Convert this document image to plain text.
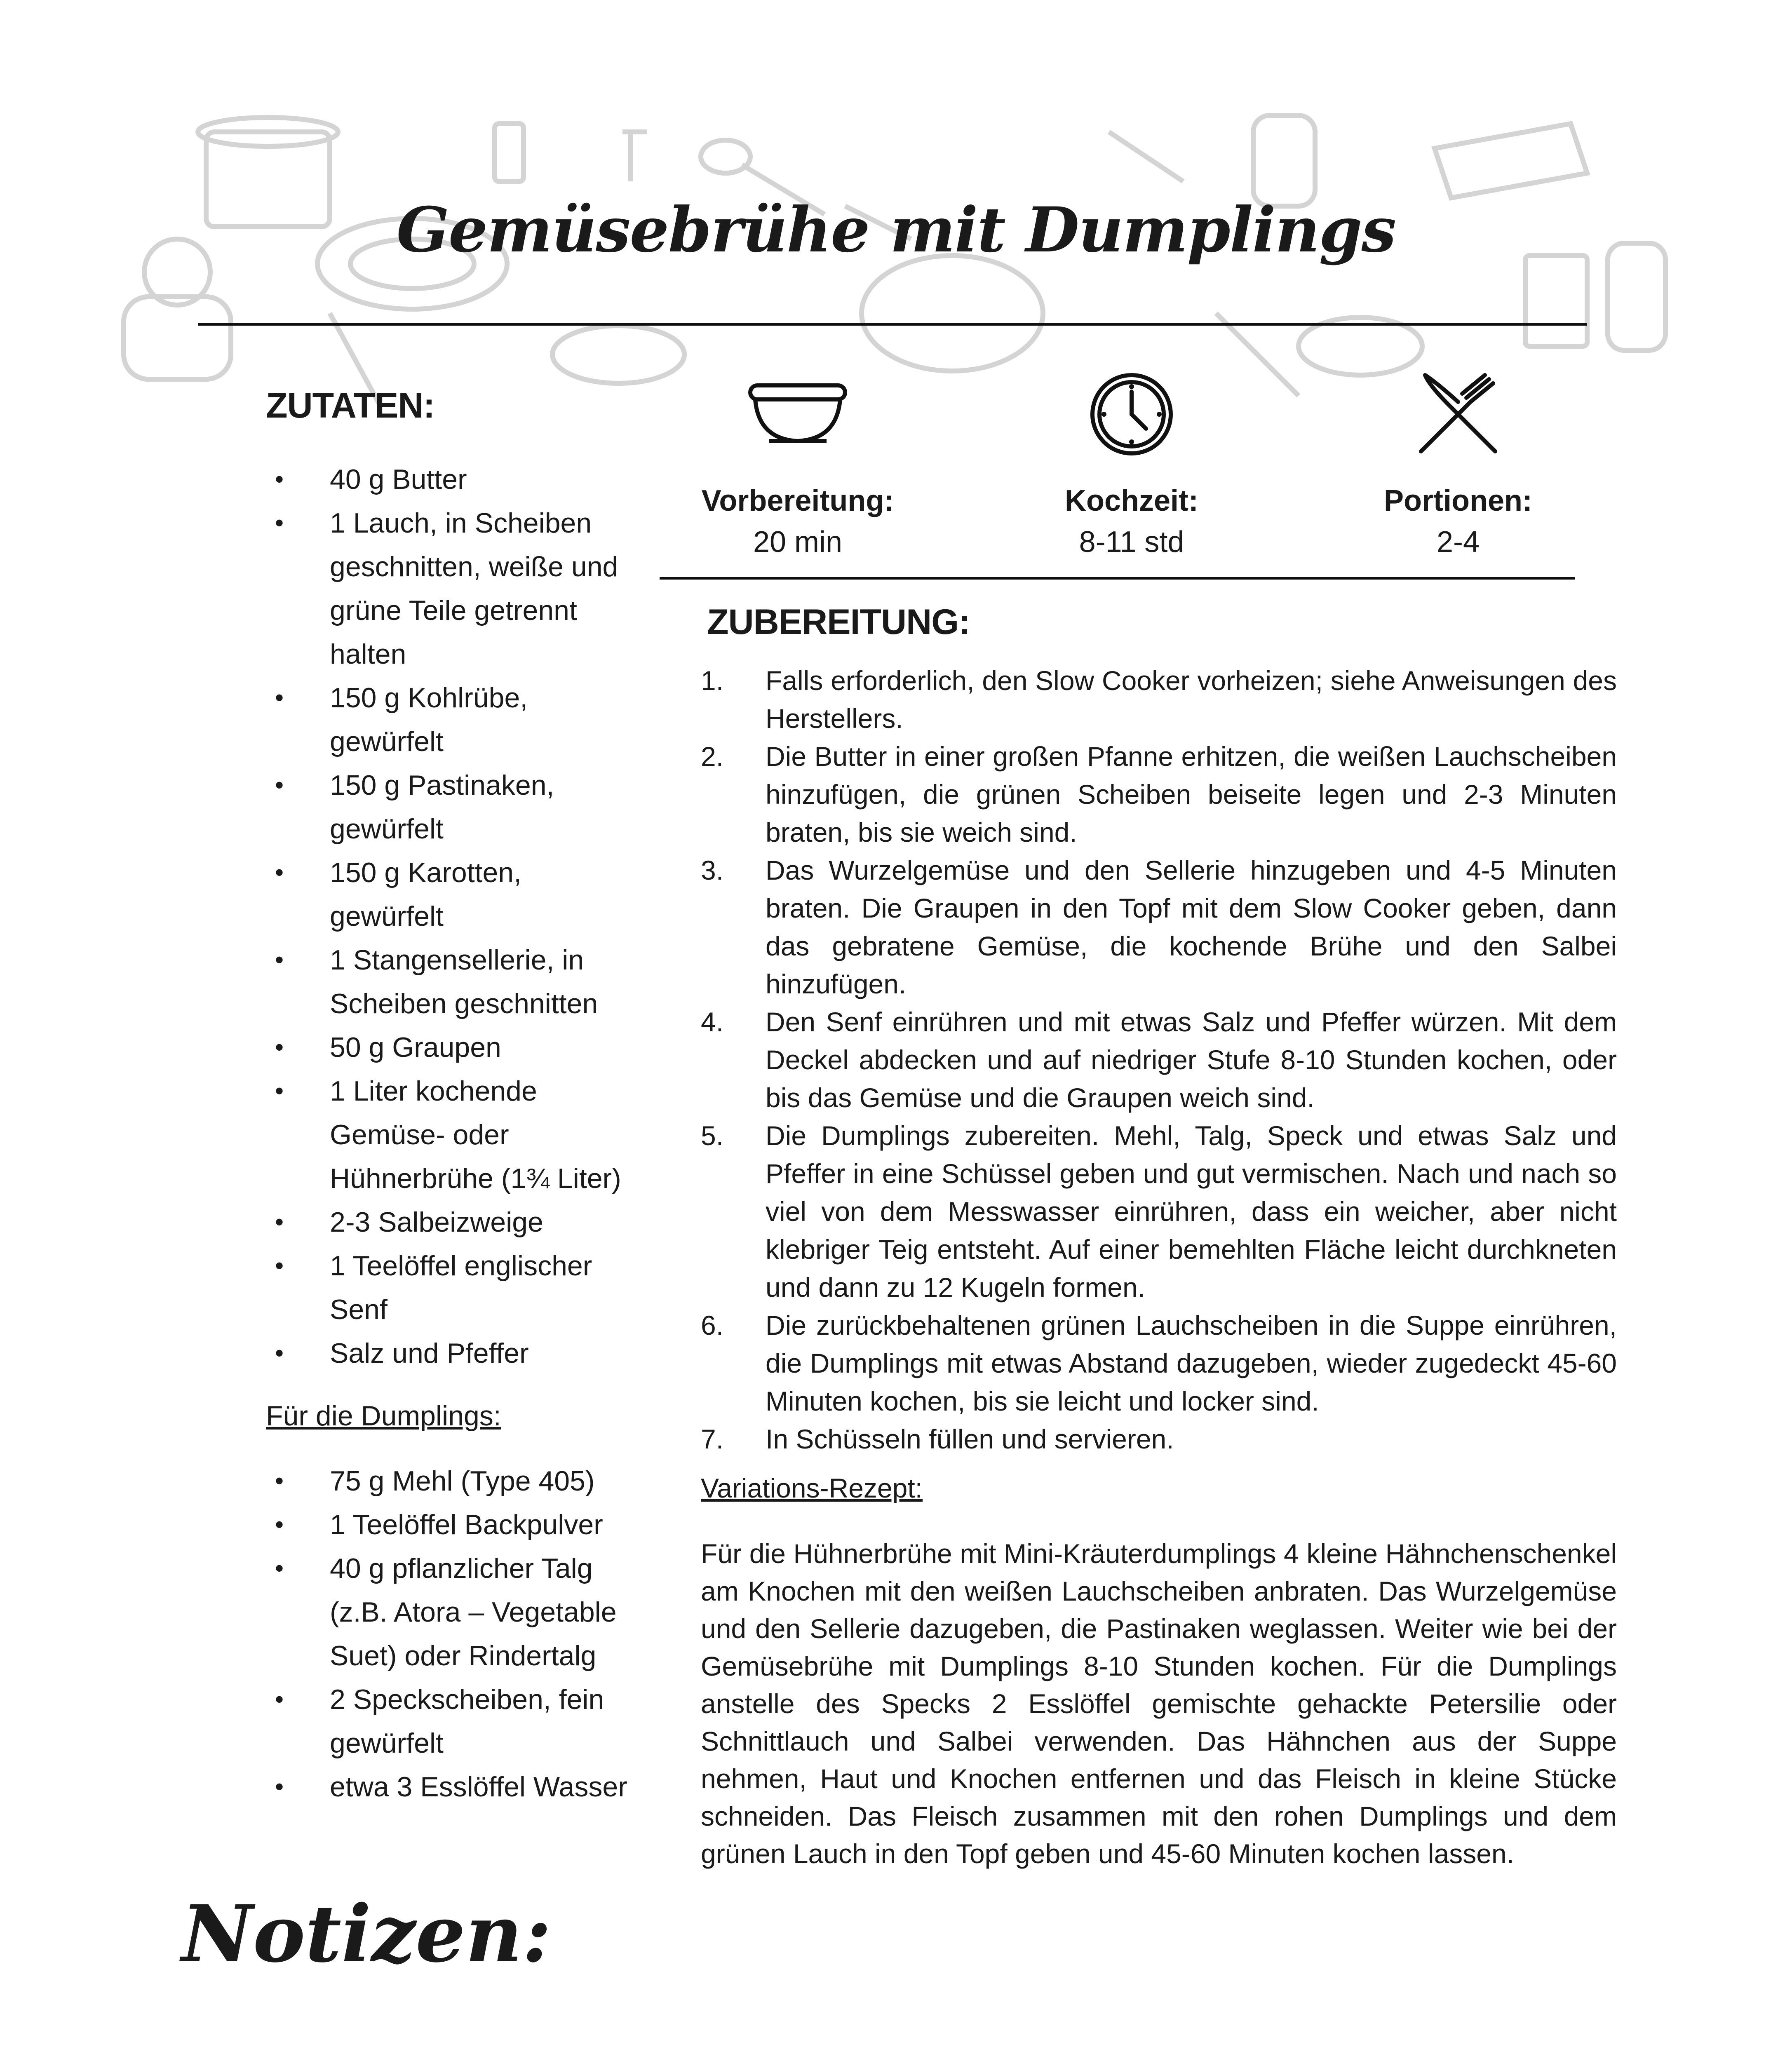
Gemüsebrühe mit Dumplings
ZUTATEN:
• 40 g Butter
• 1 Lauch, in Scheiben geschnitten, weiße und grüne Teile getrennt halten
• 150 g Kohlrübe, gewürfelt
• 150 g Pastinaken, gewürfelt
• 150 g Karotten, gewürfelt
• 1 Stangensellerie, in Scheiben geschnitten
• 50 g Graupen
• 1 Liter kochende Gemüse- oder Hühnerbrühe (1¾ Liter)
• 2-3 Salbeizweige
• 1 Teelöffel englischer Senf
• Salz und Pfeffer
Für die Dumplings:
• 75 g Mehl (Type 405)
• 1 Teelöffel Backpulver
• 40 g pflanzlicher Talg (z.B. Atora – Vegetable Suet) oder Rindertalg
• 2 Speckscheiben, fein gewürfelt
• etwa 3 Esslöffel Wasser
Vorbereitung:
20 min
Kochzeit:
8-11 std
Portionen:
2-4
ZUBEREITUNG:
1. Falls erforderlich, den Slow Cooker vorheizen; siehe Anweisungen des Herstellers.
2. Die Butter in einer großen Pfanne erhitzen, die weißen Lauchscheiben hinzufügen, die grünen Scheiben beiseite legen und 2-3 Minuten braten, bis sie weich sind.
3. Das Wurzelgemüse und den Sellerie hinzugeben und 4-5 Minuten braten. Die Graupen in den Topf mit dem Slow Cooker geben, dann das gebratene Gemüse, die kochende Brühe und den Salbei hinzufügen.
4. Den Senf einrühren und mit etwas Salz und Pfeffer würzen. Mit dem Deckel abdecken und auf niedriger Stufe 8-10 Stunden kochen, oder bis das Gemüse und die Graupen weich sind.
5. Die Dumplings zubereiten. Mehl, Talg, Speck und etwas Salz und Pfeffer in eine Schüssel geben und gut vermischen. Nach und nach so viel von dem Messwasser einrühren, dass ein weicher, aber nicht klebriger Teig entsteht. Auf einer bemehlten Fläche leicht durchkneten und dann zu 12 Kugeln formen.
6. Die zurückbehaltenen grünen Lauchscheiben in die Suppe einrühren, die Dumplings mit etwas Abstand dazugeben, wieder zugedeckt 45-60 Minuten kochen, bis sie leicht und locker sind.
7. In Schüsseln füllen und servieren.
Variations-Rezept:
Für die Hühnerbrühe mit Mini-Kräuterdumplings 4 kleine Hähnchenschenkel am Knochen mit den weißen Lauchscheiben anbraten. Das Wurzelgemüse und den Sellerie dazugeben, die Pastinaken weglassen. Weiter wie bei der Gemüsebrühe mit Dumplings 8-10 Stunden kochen. Für die Dumplings anstelle des Specks 2 Esslöffel gemischte gehackte Petersilie oder Schnittlauch und Salbei verwenden. Das Hähnchen aus der Suppe nehmen, Haut und Knochen entfernen und das Fleisch in kleine Stücke schneiden. Das Fleisch zusammen mit den rohen Dumplings und dem grünen Lauch in den Topf geben und 45-60 Minuten kochen lassen.
Notizen:
